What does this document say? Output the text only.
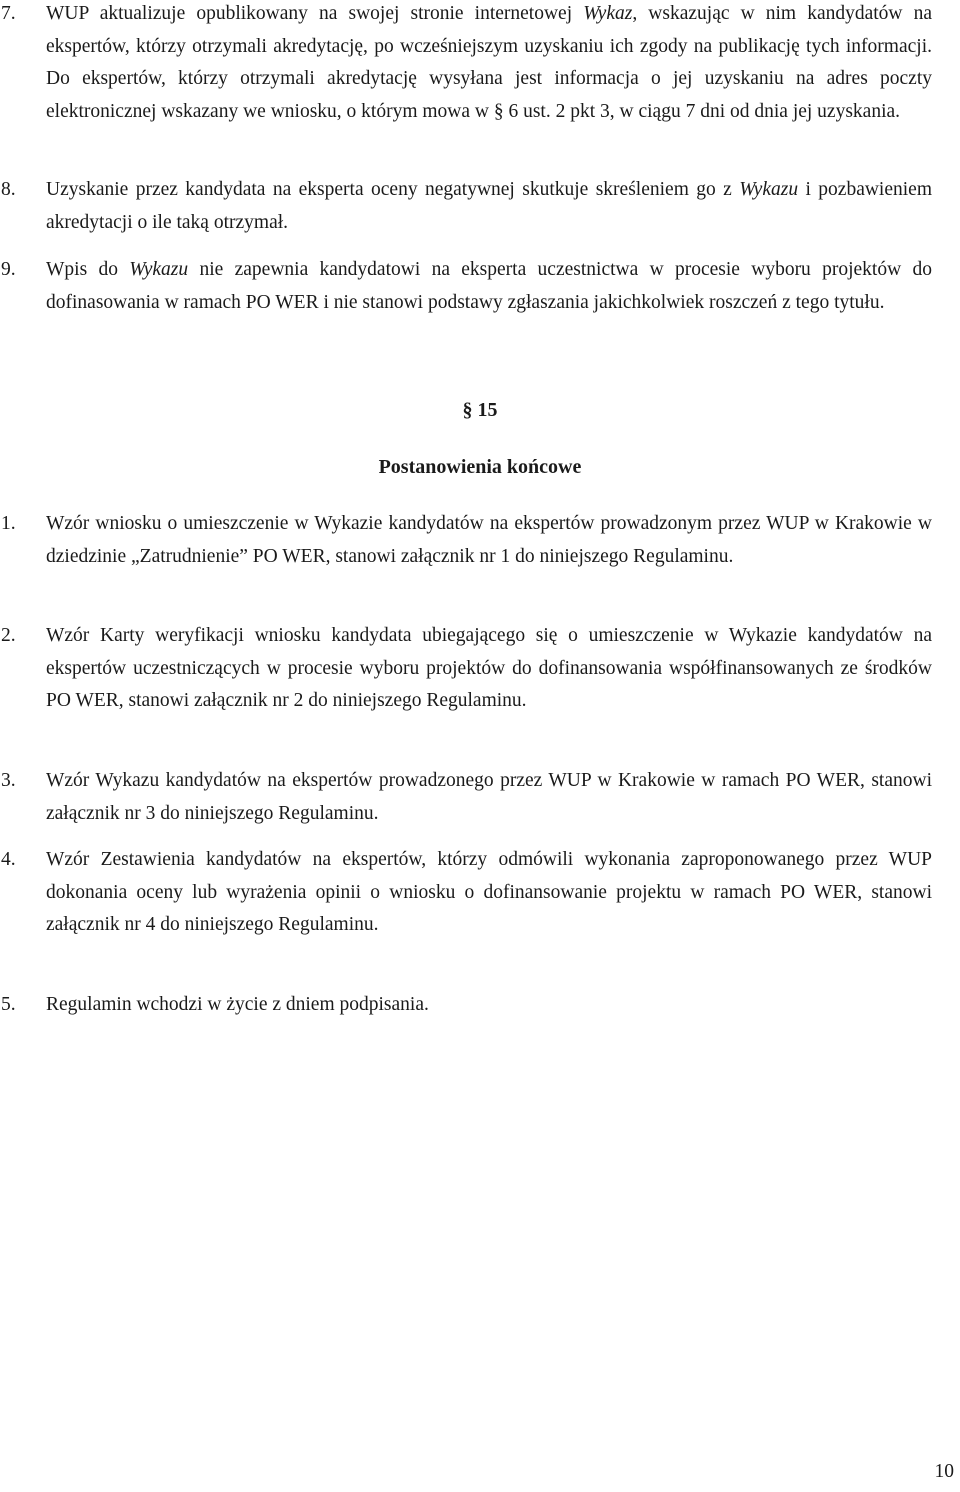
7.	WUP aktualizuje opublikowany na swojej stronie internetowej Wykaz, wskazując w nim kandydatów na ekspertów, którzy otrzymali akredytację, po wcześniejszym uzyskaniu ich zgody na publikację tych informacji. Do ekspertów, którzy otrzymali akredytację wysyłana jest informacja o jej uzyskaniu na adres poczty elektronicznej wskazany we wniosku, o którym mowa w § 6 ust. 2 pkt 3, w ciągu 7 dni od dnia jej uzyskania.
8.	Uzyskanie przez kandydata na eksperta oceny negatywnej skutkuje skreśleniem go z Wykazu i pozbawieniem akredytacji o ile taką otrzymał.
9.	Wpis do Wykazu nie zapewnia kandydatowi na eksperta uczestnictwa w procesie wyboru projektów do dofinasowania w ramach PO WER i nie stanowi podstawy zgłaszania jakichkolwiek roszczeń z tego tytułu.
§ 15
Postanowienia końcowe
1.	Wzór wniosku o umieszczenie w Wykazie kandydatów na ekspertów prowadzonym przez WUP w Krakowie w dziedzinie „Zatrudnienie” PO WER, stanowi załącznik nr 1 do niniejszego Regulaminu.
2.	Wzór Karty weryfikacji wniosku kandydata ubiegającego się o umieszczenie w Wykazie kandydatów na ekspertów uczestniczących w procesie wyboru projektów do dofinansowania współfinansowanych ze środków PO WER, stanowi załącznik nr 2 do niniejszego Regulaminu.
3.	Wzór Wykazu kandydatów na ekspertów prowadzonego przez WUP w Krakowie w ramach PO WER, stanowi załącznik nr 3 do niniejszego Regulaminu.
4.	Wzór Zestawienia kandydatów na ekspertów, którzy odmówili wykonania zaproponowanego przez WUP dokonania oceny lub wyrażenia opinii o wniosku o dofinansowanie projektu w ramach PO WER, stanowi załącznik nr 4 do niniejszego Regulaminu.
5.	Regulamin wchodzi w życie z dniem podpisania.
10
